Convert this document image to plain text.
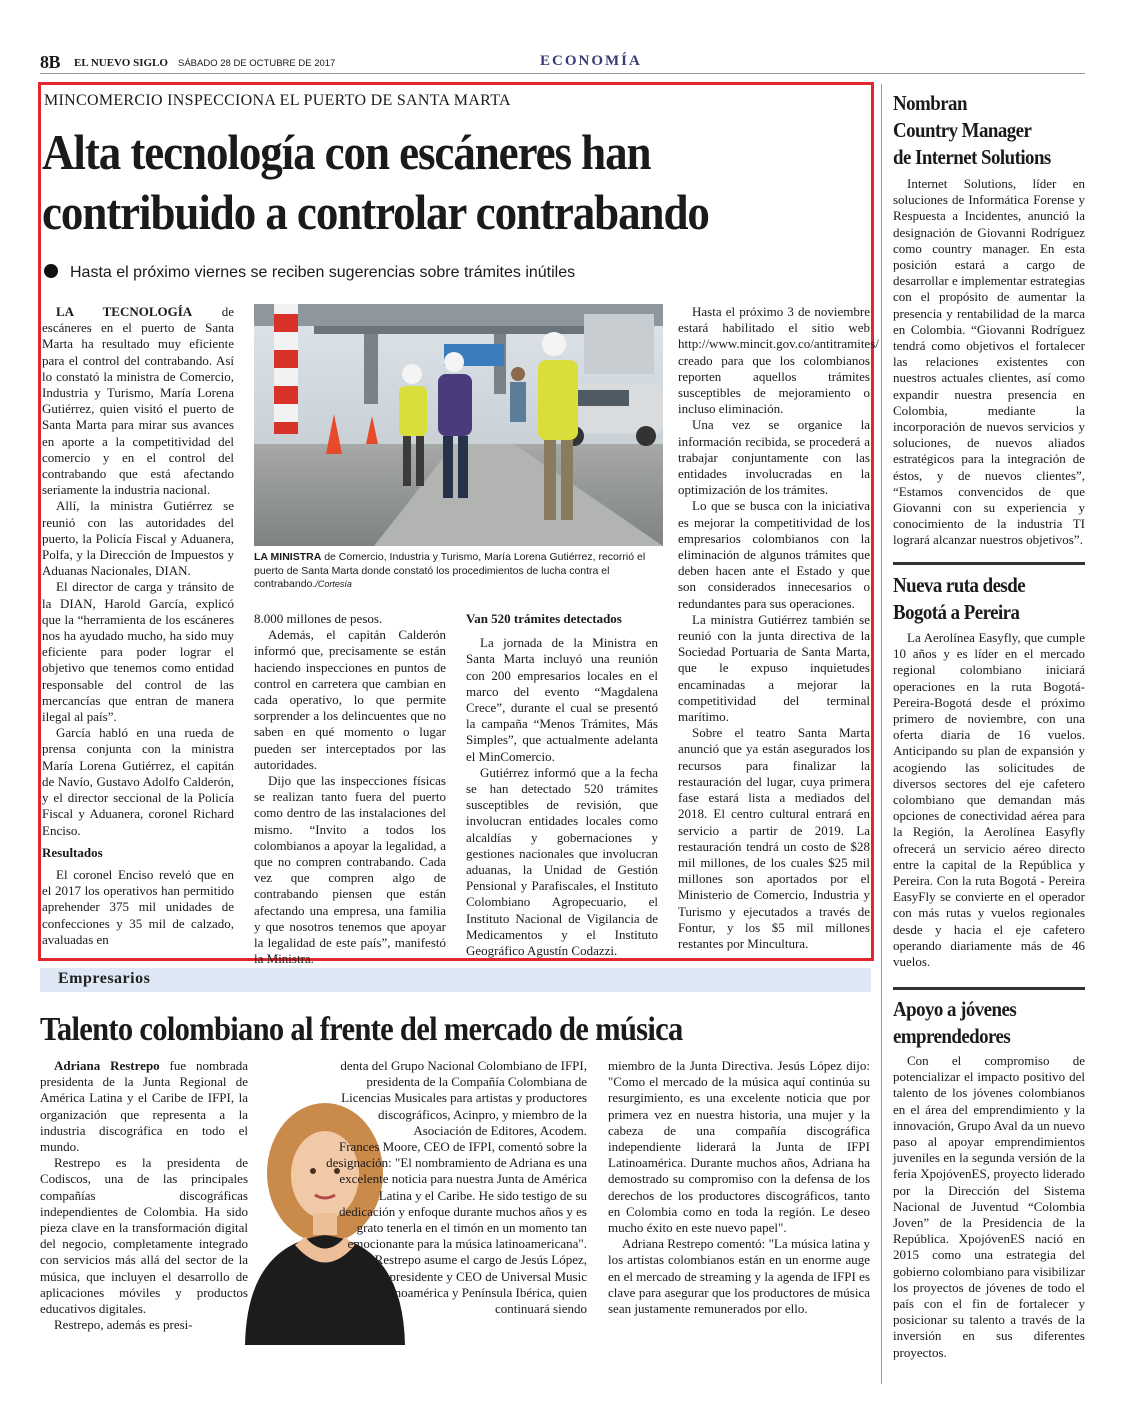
8B EL NUEVO SIGLO SÁBADO 28 DE OCTUBRE DE 2017	ECONOMÍA
MINCOMERCIO INSPECCIONA EL PUERTO DE SANTA MARTA
Alta tecnología con escáneres han
contribuido a controlar contrabando
Hasta el próximo viernes se reciben sugerencias sobre trámites inútiles

LA TECNOLOGÍA de escáneres en el puerto de Santa Marta ha resultado muy eficiente para el control del contrabando. Así lo constató la ministra de Comercio, Industria y Turismo, María Lorena Gutiérrez, quien visitó el puerto de Santa Marta para mirar sus avances en aporte a la competitividad del comercio y en el control del contrabando que está afectando seriamente la industria nacional.

Allí, la ministra Gutiérrez se reunió con las autoridades del puerto, la Policía Fiscal y Aduanera, Polfa, y la Dirección de Impuestos y Aduanas Nacionales, DIAN.

El director de carga y tránsito de la DIAN, Harold García, explicó que la “herramienta de los escáneres nos ha ayudado mucho, ha sido muy eficiente para poder lograr el objetivo que tenemos como entidad responsable del control de las mercancías que entran de manera ilegal al país”.

García habló en una rueda de prensa conjunta con la ministra María Lorena Gutiérrez, el capitán de Navío, Gustavo Adolfo Calderón, y el director seccional de la Policía Fiscal y Aduanera, coronel Richard Enciso.

Resultados

El coronel Enciso reveló que en el 2017 los operativos han permitido aprehender 375 mil unidades de confecciones y 35 mil de calzado, avaluadas en

LA MINISTRA de Comercio, Industria y Turismo, María Lorena Gutiérrez, recorrió el puerto de Santa Marta donde constató los procedimientos de lucha contra el contrabando./Cortesía

8.000 millones de pesos.

Además, el capitán Calderón informó que, precisamente se están haciendo inspecciones en puntos de control en carretera que cambian en cada operativo, lo que permite sorprender a los delincuentes que no saben en qué momento o lugar pueden ser interceptados por las autoridades.

Dijo que las inspecciones físicas se realizan tanto fuera del puerto como dentro de las instalaciones del mismo. “Invito a todos los colombianos a apoyar la legalidad, a que no compren contrabando. Cada vez que compren algo de contrabando piensen que están afectando una empresa, una familia y que nosotros tenemos que apoyar la legalidad de este país”, manifestó la Ministra.

Van 520 trámites detectados

La jornada de la Ministra en Santa Marta incluyó una reunión con 200 empresarios locales en el marco del evento “Magdalena Crece”, durante el cual se presentó la campaña “Menos Trámites, Más Simples”, que actualmente adelanta el MinComercio.

Gutiérrez informó que a la fecha se han detectado 520 trámites susceptibles de revisión, que involucran entidades locales como alcaldías y gobernaciones y gestiones nacionales que involucran aduanas, la Unidad de Gestión Pensional y Parafiscales, el Instituto Colombiano Agropecuario, el Instituto Nacional de Vigilancia de Medicamentos y el Instituto Geográfico Agustín Codazzi.

Hasta el próximo 3 de noviembre estará habilitado el sitio web http://www.mincit.gov.co/antitramites/ creado para que los colombianos reporten aquellos trámites susceptibles de mejoramiento o incluso eliminación.

Una vez se organice la información recibida, se procederá a trabajar conjuntamente con las entidades involucradas en la optimización de los trámites.

Lo que se busca con la iniciativa es mejorar la competitividad de los empresarios colombianos con la eliminación de algunos trámites que deben hacen ante el Estado y que son considerados innecesarios o redundantes para sus operaciones.

La ministra Gutiérrez también se reunió con la junta directiva de la Sociedad Portuaria de Santa Marta, que le expuso inquietudes encaminadas a mejorar la competitividad del terminal marítimo.

Sobre el teatro Santa Marta anunció que ya están asegurados los recursos para finalizar la restauración del lugar, cuya primera fase estará lista a mediados del 2018. El centro cultural entrará en servicio a partir de 2019. La restauración tendrá un costo de $28 mil millones, de los cuales $25 mil millones son aportados por el Ministerio de Comercio, Industria y Turismo y ejecutados a través de Fontur, y los $5 mil millones restantes por Mincultura.

Nombran
Country Manager
de Internet Solutions

Internet Solutions, líder en soluciones de Informática Forense y Respuesta a Incidentes, anunció la designación de Giovanni Rodríguez como country manager. En esta posición estará a cargo de desarrollar e implementar estrategias con el propósito de aumentar la presencia y rentabilidad de la marca en Colombia. “Giovanni Rodríguez tendrá como objetivos el fortalecer las relaciones existentes con nuestros actuales clientes, así como expandir nuestra presencia en Colombia, mediante la incorporación de nuevos servicios y soluciones, de nuevos aliados estratégicos para la integración de éstos, y de nuevos clientes”, “Estamos convencidos de que Giovanni con su experiencia y conocimiento de la industria TI logrará alcanzar nuestros objetivos”.

Nueva ruta desde
Bogotá a Pereira

La Aerolínea Easyfly, que cumple 10 años y es líder en el mercado regional colombiano iniciará operaciones en la ruta Bogotá-Pereira-Bogotá desde el próximo primero de noviembre, con una oferta diaria de 16 vuelos. Anticipando su plan de expansión y acogiendo las solicitudes de diversos sectores del eje cafetero colombiano que demandan más opciones de conectividad aérea para la Región, la Aerolínea Easyfly ofrecerá un servicio aéreo directo entre la capital de la República y Pereira. Con la ruta Bogotá - Pereira EasyFly se convierte en el operador con más rutas y vuelos regionales desde y hacia el eje cafetero operando diariamente más de 46 vuelos.

Apoyo a jóvenes
emprendedores

Con el compromiso de potencializar el impacto positivo del talento de los jóvenes colombianos en el área del emprendimiento y la innovación, Grupo Aval da un nuevo paso al apoyar emprendimientos juveniles en la segunda versión de la feria XpojóvenES, proyecto liderado por la Dirección del Sistema Nacional de Juventud “Colombia Joven” de la Presidencia de la República. XpojóvenES nació en 2015 como una estrategia del gobierno colombiano para visibilizar los proyectos de jóvenes de todo el país con el fin de fortalecer y posicionar su talento a través de la inversión en sus diferentes proyectos.

Empresarios
Talento colombiano al frente del mercado de música

Adriana Restrepo fue nombrada presidenta de la Junta Regional de América Latina y el Caribe de IFPI, la organización que representa a la industria discográfica en todo el mundo.

Restrepo es la presidenta de Codiscos, una de las principales compañías discográficas independientes de Colombia. Ha sido pieza clave en la transformación digital del negocio, completamente integrado con servicios más allá del sector de la música, que incluyen el desarrollo de aplicaciones móviles y productos educativos digitales.

Restrepo, además es presi-

denta del Grupo Nacional Colombiano de IFPI, presidenta de la Compañía Colombiana de Licencias Musicales para artistas y productores discográficos, Acinpro, y miembro de la Asociación de Editores, Acodem.

Frances Moore, CEO de IFPI, comentó sobre la designación: "El nombramiento de Adriana es una excelente noticia para nuestra Junta de América Latina y el Caribe. He sido testigo de su dedicación y enfoque durante muchos años y es grato tenerla en el timón en un momento tan emocionante para la música latinoamericana".

Restrepo asume el cargo de Jesús López, presidente y CEO de Universal Music Latinoamérica y Península Ibérica, quien continuará siendo

miembro de la Junta Directiva. Jesús López dijo: "Como el mercado de la música aquí continúa su resurgimiento, es una excelente noticia que por primera vez en nuestra historia, una mujer y la cabeza de una compañía discográfica independiente liderará la Junta de IFPI Latinoamérica. Durante muchos años, Adriana ha demostrado su compromiso con la defensa de los derechos de los productores discográficos, tanto en Colombia como en toda la región. Le deseo mucho éxito en este nuevo papel".

Adriana Restrepo comentó: "La música latina y los artistas colombianos están en un enorme auge en el mercado de streaming y la agenda de IFPI es clave para asegurar que los productores de música sean justamente remunerados por ello.
